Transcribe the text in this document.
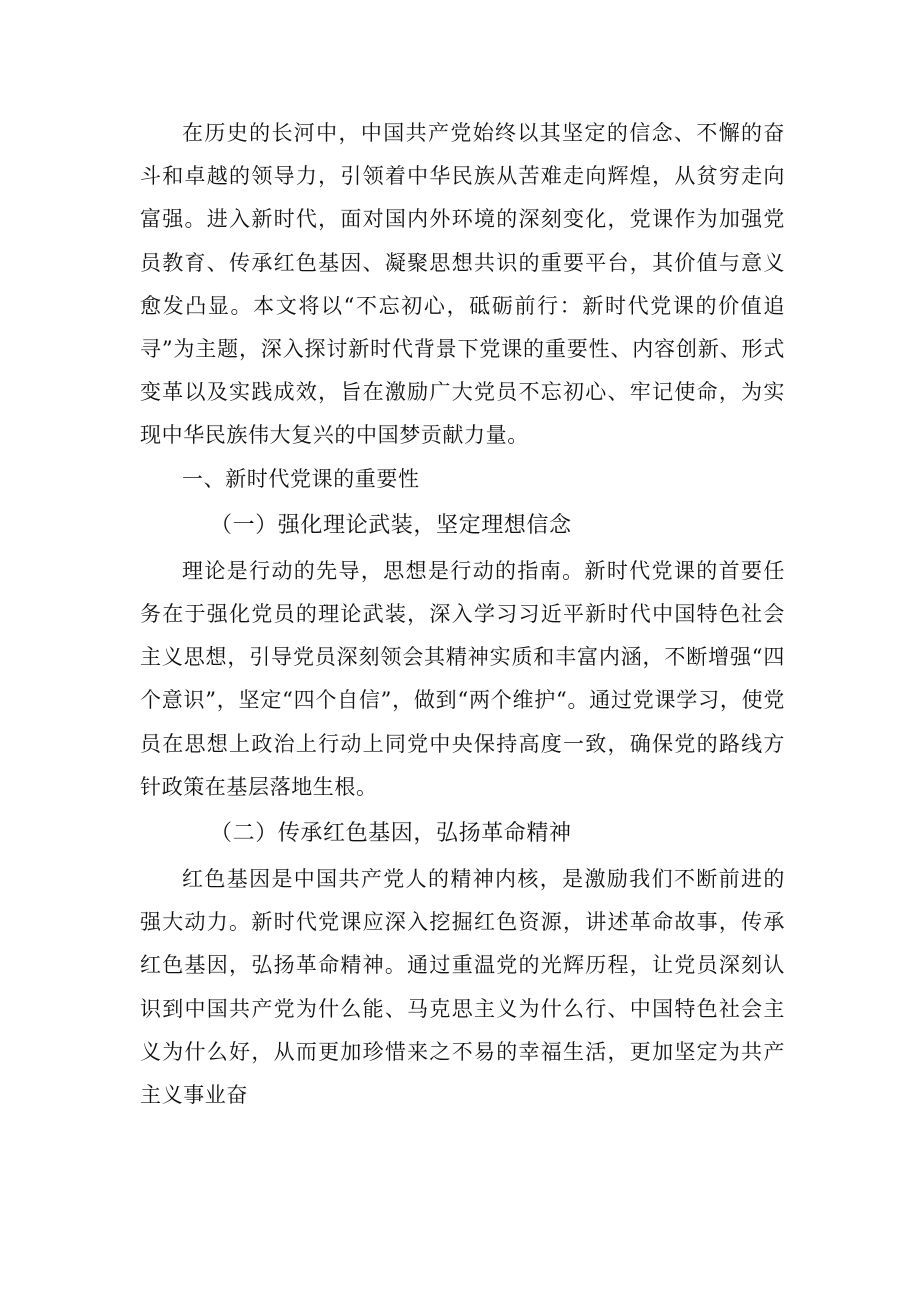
在历史的长河中，中国共产党始终以其坚定的信念、不懈的奋斗和卓越的领导力，引领着中华民族从苦难走向辉煌，从贫穷走向富强。进入新时代，面对国内外环境的深刻变化，党课作为加强党员教育、传承红色基因、凝聚思想共识的重要平台，其价值与意义愈发凸显。本文将以“不忘初心，砥砺前行：新时代党课的价值追寻”为主题，深入探讨新时代背景下党课的重要性、内容创新、形式变革以及实践成效，旨在激励广大党员不忘初心、牢记使命，为实现中华民族伟大复兴的中国梦贡献力量。

一、新时代党课的重要性

（一）强化理论武装，坚定理想信念

理论是行动的先导，思想是行动的指南。新时代党课的首要任务在于强化党员的理论武装，深入学习习近平新时代中国特色社会主义思想，引导党员深刻领会其精神实质和丰富内涵，不断增强“四个意识”，坚定“四个自信”，做到“两个维护“。通过党课学习，使党员在思想上政治上行动上同党中央保持高度一致，确保党的路线方针政策在基层落地生根。

（二）传承红色基因，弘扬革命精神

红色基因是中国共产党人的精神内核，是激励我们不断前进的强大动力。新时代党课应深入挖掘红色资源，讲述革命故事，传承红色基因，弘扬革命精神。通过重温党的光辉历程，让党员深刻认识到中国共产党为什么能、马克思主义为什么行、中国特色社会主义为什么好，从而更加珍惜来之不易的幸福生活，更加坚定为共产主义事业奋
